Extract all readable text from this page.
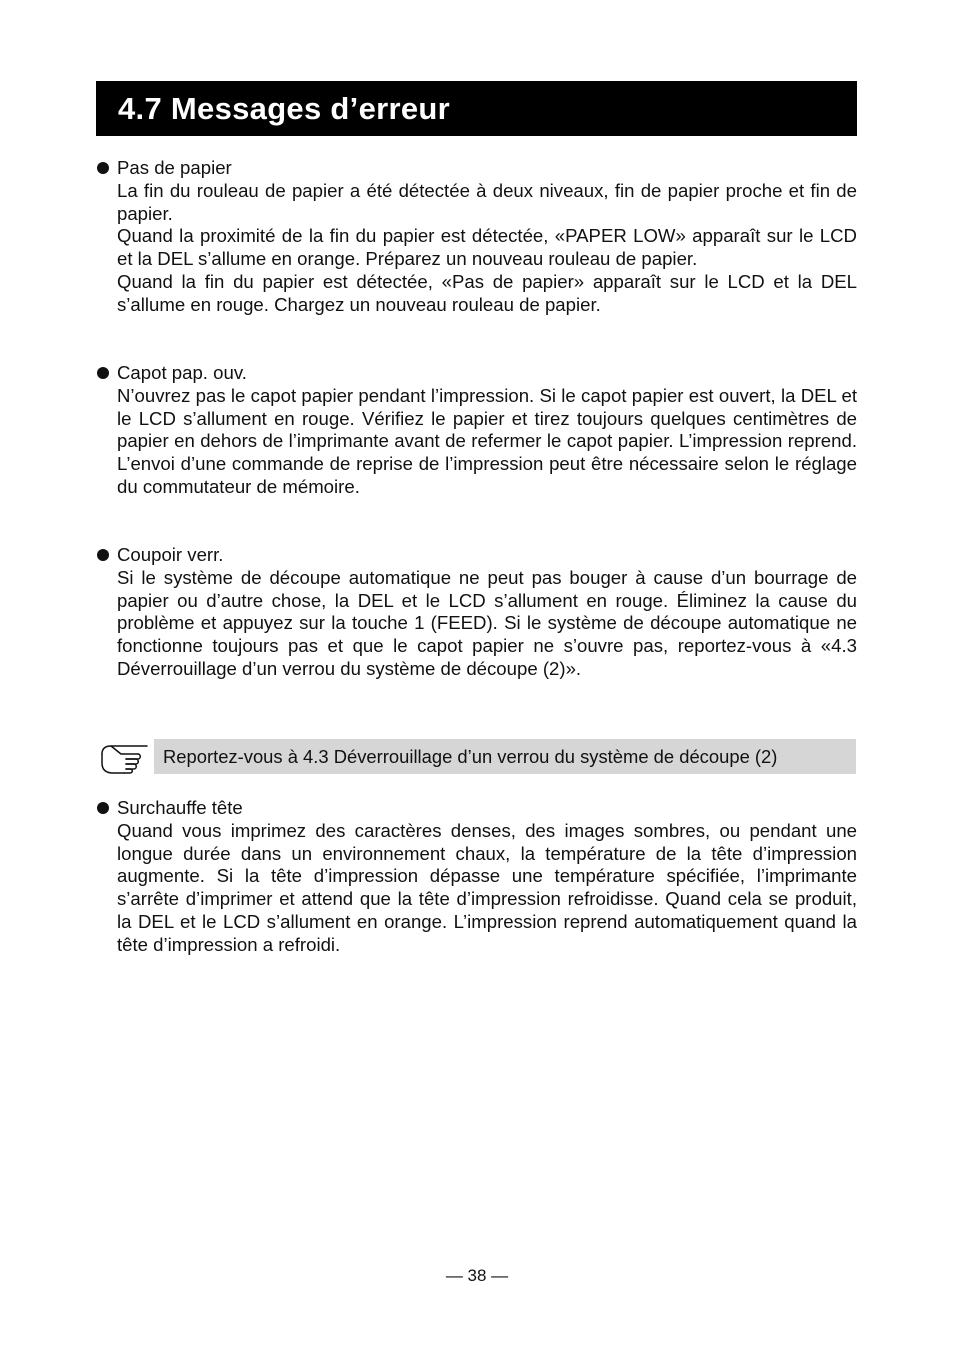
4.7 Messages d’erreur
Pas de papier
La fin du rouleau de papier a été détectée à deux niveaux, fin de papier proche et fin de papier.
Quand la proximité de la fin du papier est détectée, «PAPER LOW» apparaît sur le LCD et la DEL s’allume en orange. Préparez un nouveau rouleau de papier.
Quand la fin du papier est détectée, «Pas de papier» apparaît sur le LCD et la DEL s’allume en rouge. Chargez un nouveau rouleau de papier.
Capot pap. ouv.
N’ouvrez pas le capot papier pendant l’impression. Si le capot papier est ouvert, la DEL et le LCD s’allument en rouge. Vérifiez le papier et tirez toujours quelques centimètres de papier en dehors de l’imprimante avant de refermer le capot papier. L’impression reprend. L’envoi d’une commande de reprise de l’impression peut être nécessaire selon le réglage du commutateur de mémoire.
Coupoir verr.
Si le système de découpe automatique ne peut pas bouger à cause d’un bourrage de papier ou d’autre chose, la DEL et le LCD s’allument en rouge. Éliminez la cause du problème et appuyez sur la touche 1 (FEED). Si le système de découpe automatique ne fonctionne toujours pas et que le capot papier ne s’ouvre pas, reportez-vous à «4.3 Déverrouillage d’un verrou du système de découpe (2)».
Reportez-vous à 4.3 Déverrouillage d’un verrou du système de découpe (2)
Surchauffe tête
Quand vous imprimez des caractères denses, des images sombres, ou pendant une longue durée dans un environnement chaux, la température de la tête d’impression augmente. Si la tête d’impression dépasse une température spécifiée, l’imprimante s’arrête d’imprimer et attend que la tête d’impression refroidisse. Quand cela se produit, la DEL et le LCD s’allument en orange. L’impression reprend automatiquement quand la tête d’impression a refroidi.
— 38 —
